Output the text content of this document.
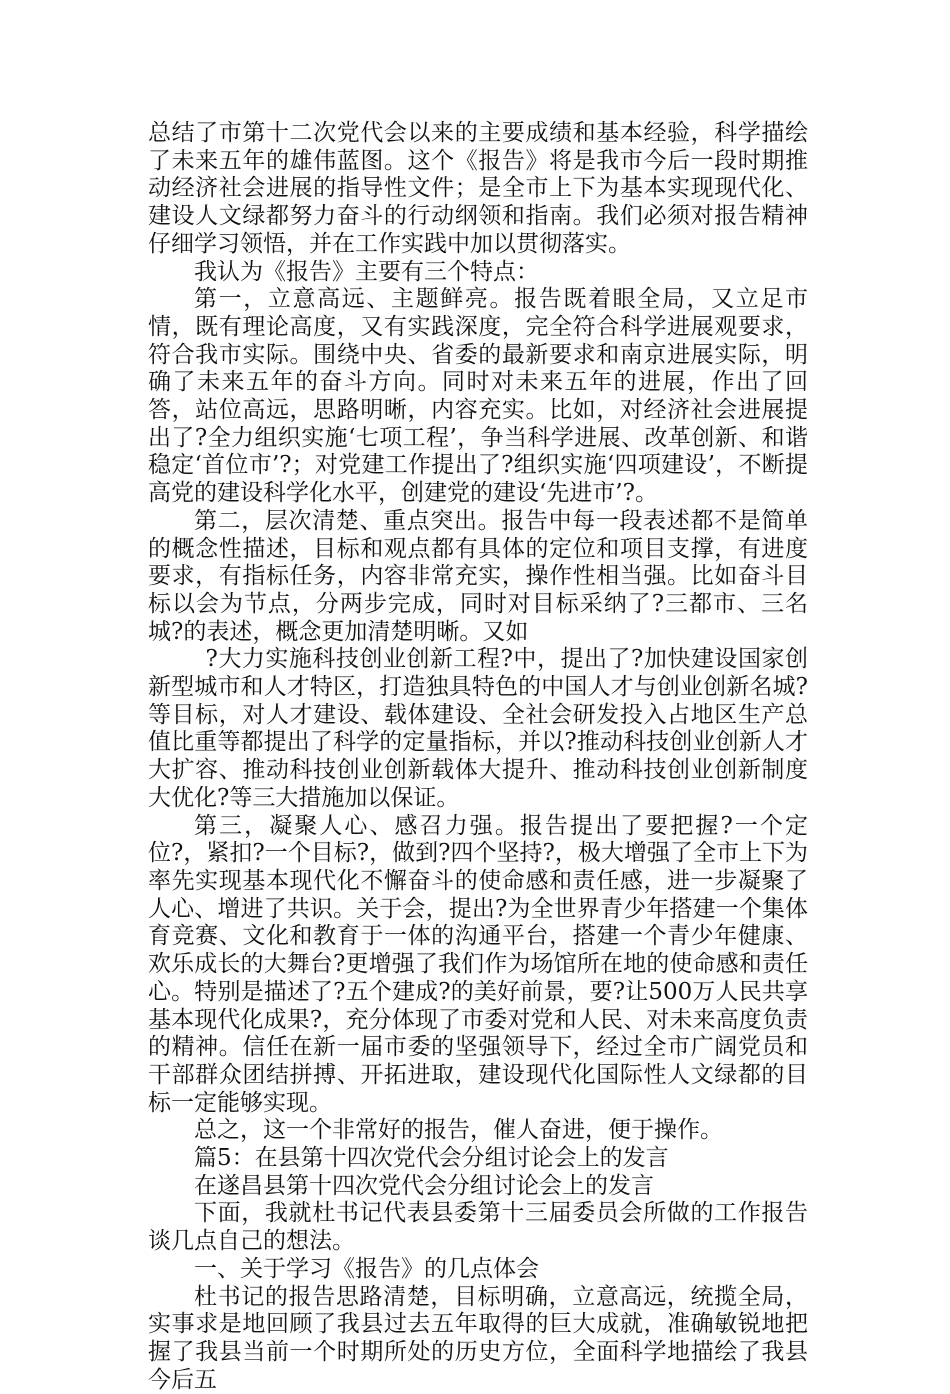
总结了市第十二次党代会以来的主要成绩和基本经验，科学描绘了未来五年的雄伟蓝图。这个《报告》将是我市今后一段时期推动经济社会进展的指导性文件；是全市上下为基本实现现代化、建设人文绿都努力奋斗的行动纲领和指南。我们必须对报告精神仔细学习领悟，并在工作实践中加以贯彻落实。

我认为《报告》主要有三个特点：

第一，立意高远、主题鲜亮。报告既着眼全局，又立足市情，既有理论高度，又有实践深度，完全符合科学进展观要求，符合我市实际。围绕中央、省委的最新要求和南京进展实际，明确了未来五年的奋斗方向。同时对未来五年的进展，作出了回答，站位高远，思路明晰，内容充实。比如，对经济社会进展提出了?全力组织实施‘七项工程’，争当科学进展、改革创新、和谐稳定‘首位市’?；对党建工作提出了?组织实施‘四项建设’，不断提高党的建设科学化水平，创建党的建设‘先进市’?。

第二，层次清楚、重点突出。报告中每一段表述都不是简单的概念性描述，目标和观点都有具体的定位和项目支撑，有进度要求，有指标任务，内容非常充实，操作性相当强。比如奋斗目标以会为节点，分两步完成，同时对目标采纳了?三都市、三名城?的表述，概念更加清楚明晰。又如

?大力实施科技创业创新工程?中，提出了?加快建设国家创新型城市和人才特区，打造独具特色的中国人才与创业创新名城?等目标，对人才建设、载体建设、全社会研发投入占地区生产总值比重等都提出了科学的定量指标，并以?推动科技创业创新人才大扩容、推动科技创业创新载体大提升、推动科技创业创新制度大优化?等三大措施加以保证。

第三，凝聚人心、感召力强。报告提出了要把握?一个定位?，紧扣?一个目标?，做到?四个坚持?，极大增强了全市上下为率先实现基本现代化不懈奋斗的使命感和责任感，进一步凝聚了人心、增进了共识。关于会，提出?为全世界青少年搭建一个集体育竞赛、文化和教育于一体的沟通平台，搭建一个青少年健康、欢乐成长的大舞台?更增强了我们作为场馆所在地的使命感和责任心。特别是描述了?五个建成?的美好前景，要?让500万人民共享基本现代化成果?，充分体现了市委对党和人民、对未来高度负责的精神。信任在新一届市委的坚强领导下，经过全市广阔党员和干部群众团结拼搏、开拓进取，建设现代化国际性人文绿都的目标一定能够实现。

总之，这一个非常好的报告，催人奋进，便于操作。

篇5：在县第十四次党代会分组讨论会上的发言

在遂昌县第十四次党代会分组讨论会上的发言

下面，我就杜书记代表县委第十三届委员会所做的工作报告谈几点自己的想法。

一、关于学习《报告》的几点体会

杜书记的报告思路清楚，目标明确，立意高远，统揽全局，实事求是地回顾了我县过去五年取得的巨大成就，准确敏锐地把握了我县当前一个时期所处的历史方位，全面科学地描绘了我县今后五
